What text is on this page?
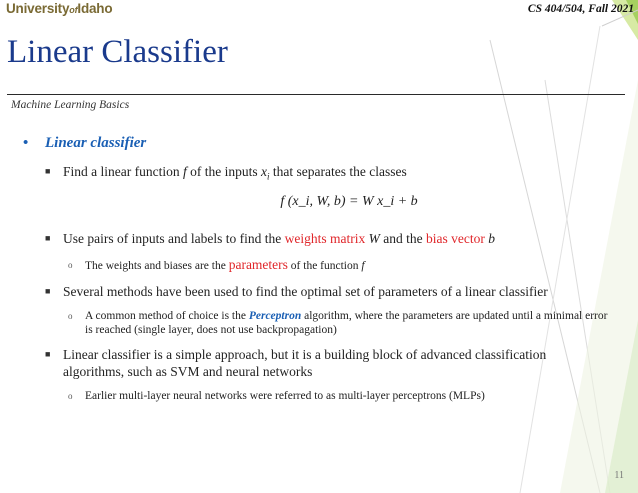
UniversityofIdaho	CS 404/504, Fall 2021
Linear Classifier
Machine Learning Basics
• Linear classifier
■ Find a linear function f of the inputs $x_i$ that separates the classes
f (x_i, W, b) = W x_i + b
■ Use pairs of inputs and labels to find the weights matrix W and the bias vector b
o The weights and biases are the parameters of the function f
■ Several methods have been used to find the optimal set of parameters of a linear classifier
o A common method of choice is the Perceptron algorithm, where the parameters are updated until a minimal error is reached (single layer, does not use backpropagation)
■ Linear classifier is a simple approach, but it is a building block of advanced classification algorithms, such as SVM and neural networks
o Earlier multi-layer neural networks were referred to as multi-layer perceptrons (MLPs)
11
